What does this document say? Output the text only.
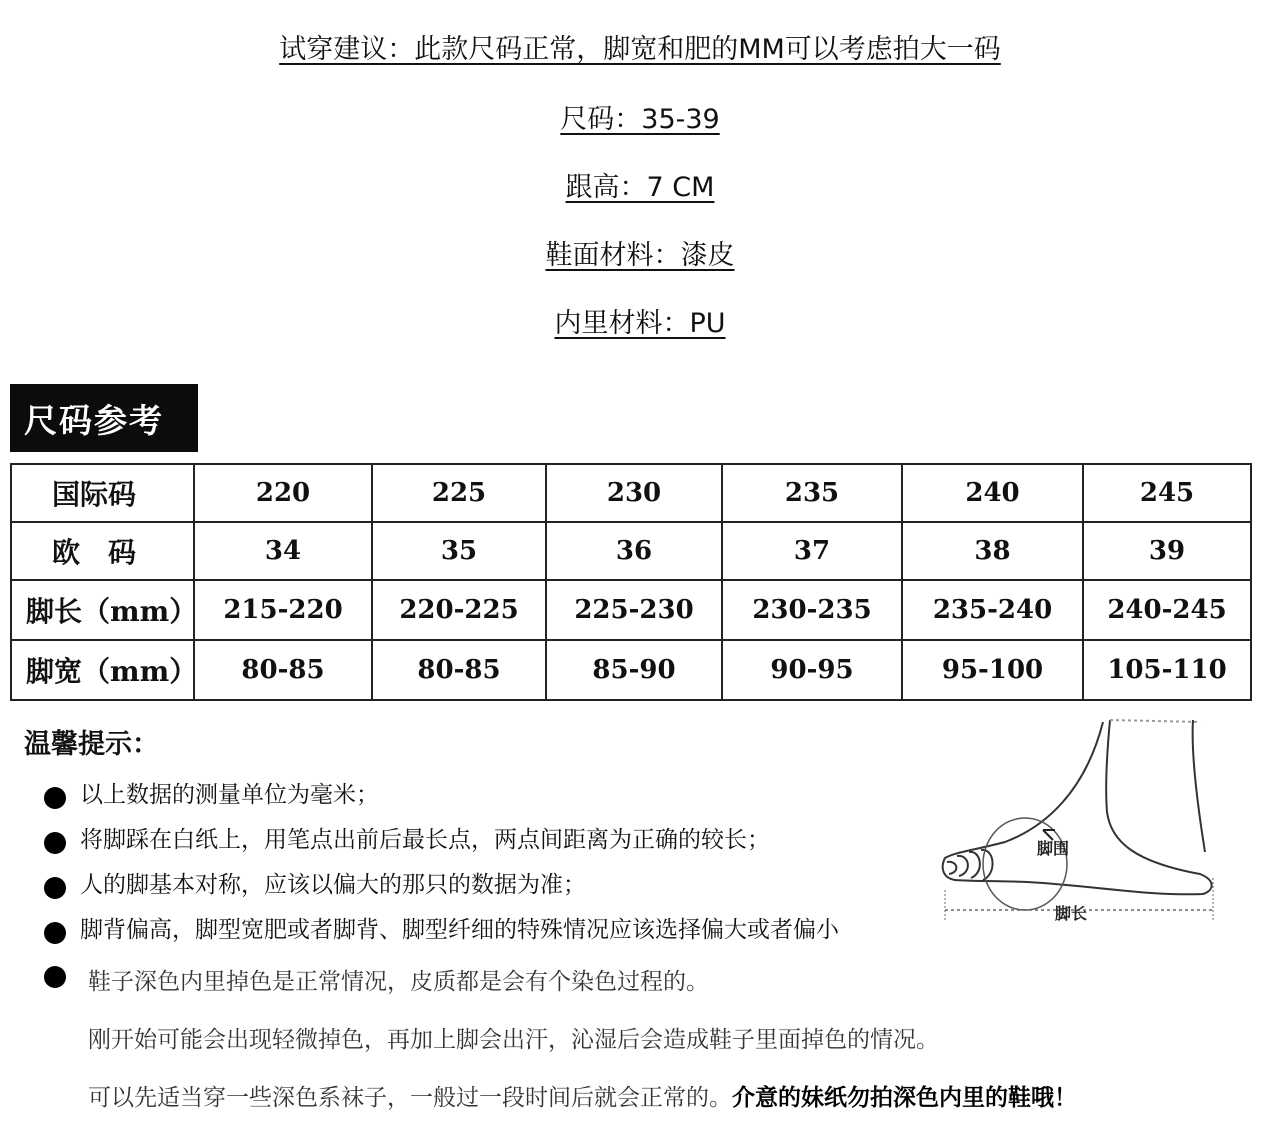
试穿建议：此款尺码正常，脚宽和肥的MM可以考虑拍大一码
尺码：35-39
跟高：7 CM
鞋面材料：漆皮
内里材料：PU
尺码参考
国际码	220	225	230	235	240	245
欧　码	34	35	36	37	38	39
脚长（mm）	215-220	220-225	225-230	230-235	235-240	240-245
脚宽（mm）	80-85	80-85	85-90	90-95	95-100	105-110
温馨提示：
以上数据的测量单位为毫米；
将脚踩在白纸上，用笔点出前后最长点，两点间距离为正确的较长；
人的脚基本对称，应该以偏大的那只的数据为准；
脚背偏高，脚型宽肥或者脚背、脚型纤细的特殊情况应该选择偏大或者偏小
鞋子深色内里掉色是正常情况，皮质都是会有个染色过程的。
刚开始可能会出现轻微掉色，再加上脚会出汗，沁湿后会造成鞋子里面掉色的情况。
可以先适当穿一些深色系袜子，一般过一段时间后就会正常的。介意的妹纸勿拍深色内里的鞋哦！
脚围
脚长
